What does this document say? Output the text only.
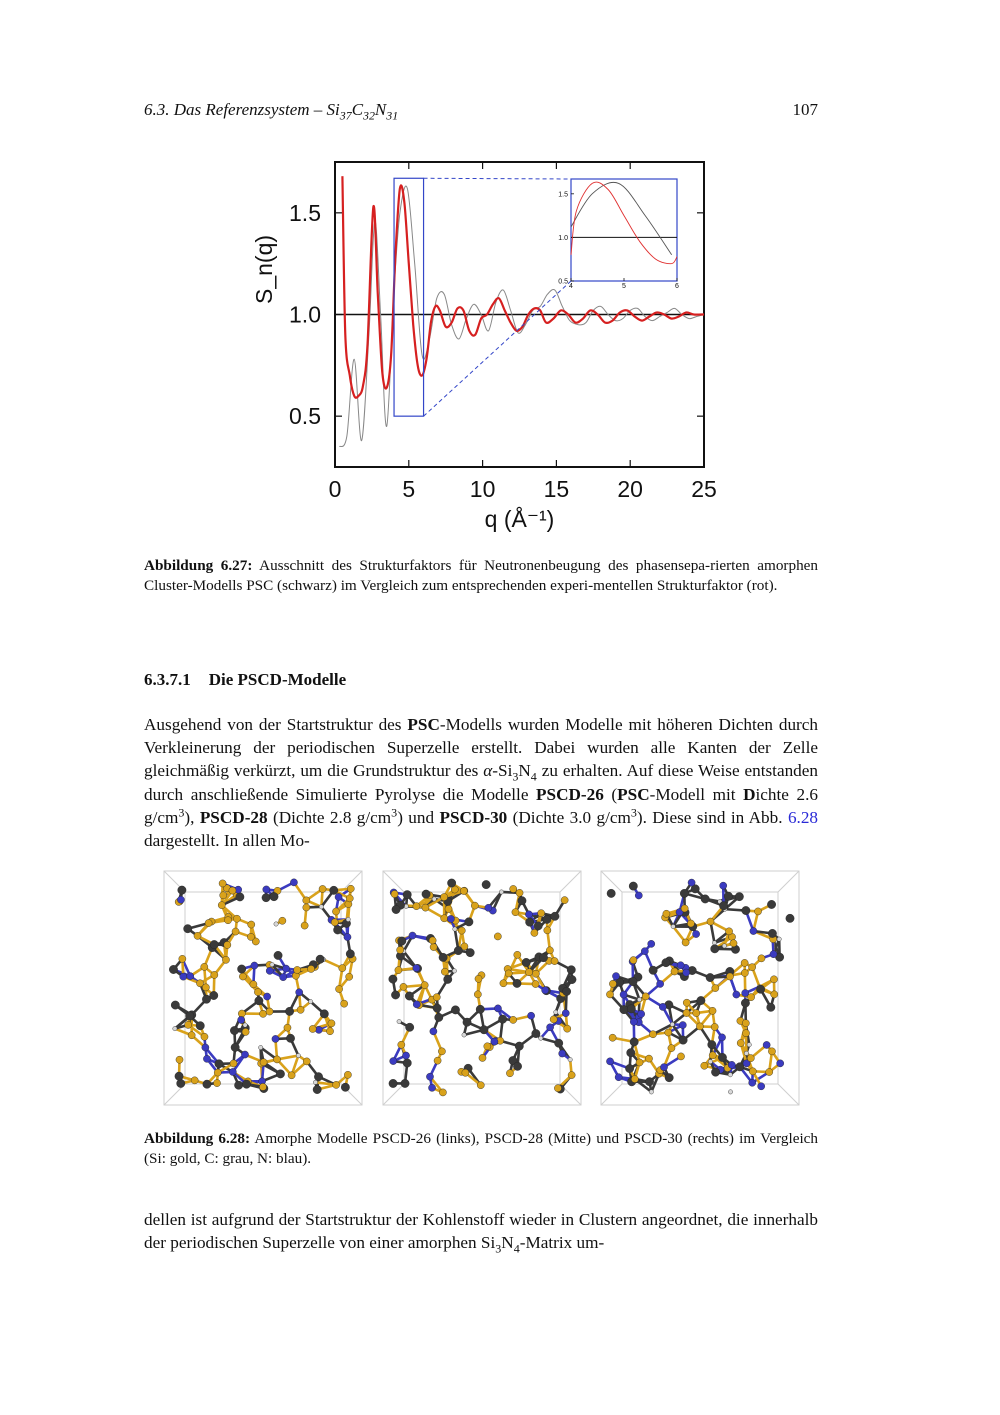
6.3. Das Referenzsystem – $Si_{37}C_{32}N_{31}$	107
4	5	6
0.5
1.0
1.5
0	5 10 15 20 25
0.5
1.0
1.5
q (Å⁻¹)
S_n(q)
Abbildung 6.27: Ausschnitt des Strukturfaktors für Neutronenbeugung des phasensepa-rierten amorphen Cluster-Modells PSC (schwarz) im Vergleich zum entsprechenden experi-mentellen Strukturfaktor (rot).
6.3.7.1 Die PSCD-Modelle
Ausgehend von der Startstruktur des PSC-Modells wurden Modelle mit höheren Dichten durch Verkleinerung der periodischen Superzelle erstellt. Dabei wurden alle Kanten der Zelle gleichmäßig verkürzt, um die Grundstruktur des $\alpha-Si_3N_4$ zu erhalten. Auf diese Weise entstanden durch anschließende Simulierte Pyrolyse die Modelle PSCD-26 (PSC-Modell mit Dichte 2.6 $g/cm^3$), PSCD-28 (Dichte 2.8 $g/cm^3$) und PSCD-30 (Dichte 3.0 $g/cm^3$). Diese sind in Abb. 6.28 dargestellt. In allen Mo-
Abbildung 6.28: Amorphe Modelle PSCD-26 (links), PSCD-28 (Mitte) und PSCD-30 (rechts) im Vergleich (Si: gold, C: grau, N: blau).
dellen ist aufgrund der Startstruktur der Kohlenstoff wieder in Clustern angeordnet, die innerhalb der periodischen Superzelle von einer amorphen $Si_3N_4$-Matrix um-
